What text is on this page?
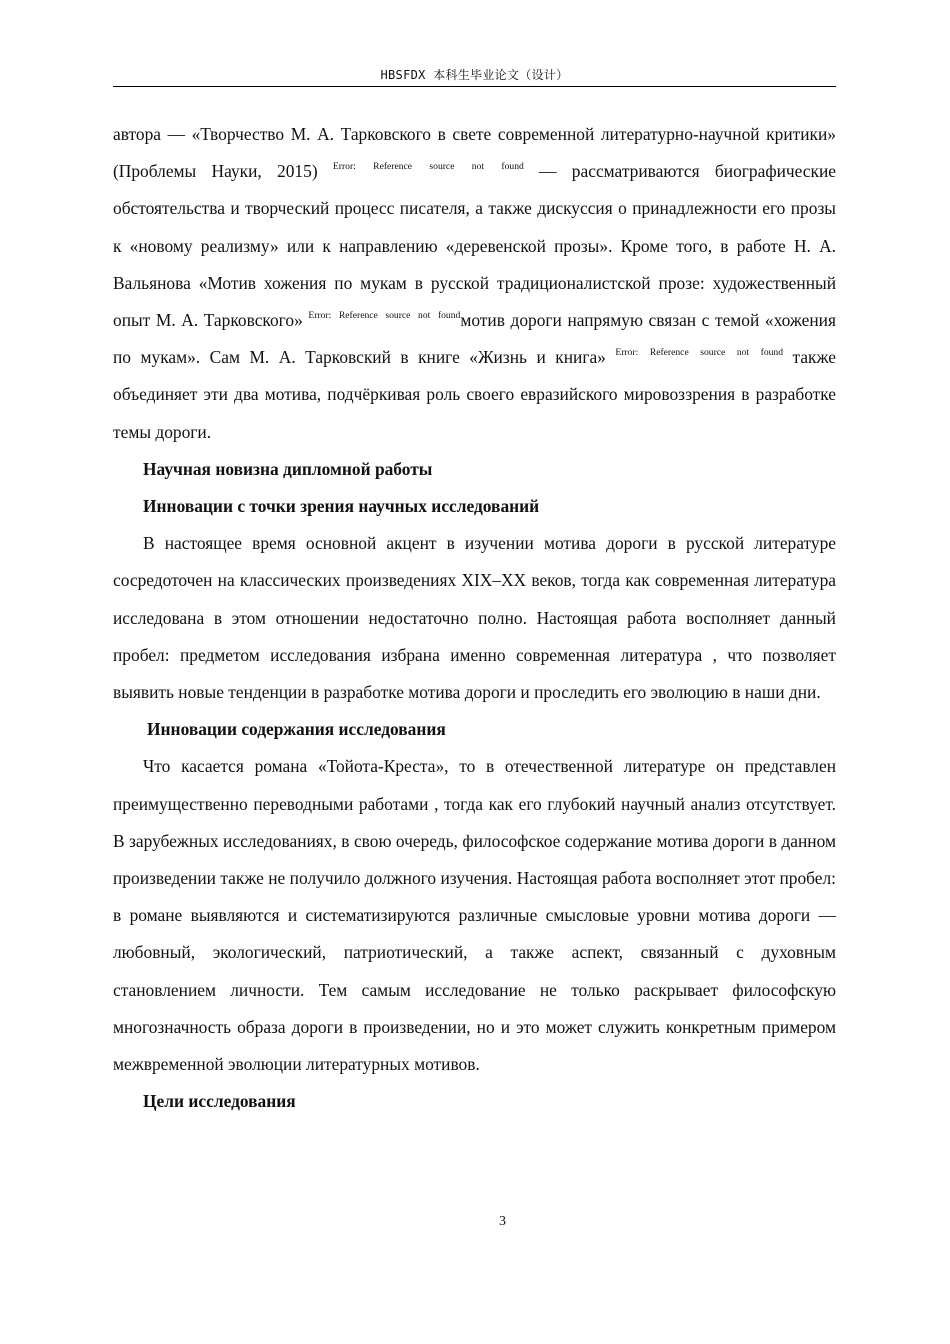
HBSFDX 本科生毕业论文（设计）

автора — «Творчество М. А. Тарковского в свете современной литературно-научной критики» (Проблемы Науки, 2015) $^{Error: Reference source not found}$ — рассматриваются биографические обстоятельства и творческий процесс писателя, а также дискуссия о принадлежности его прозы к «новому реализму» или к направлению «деревенской прозы». Кроме того, в работе Н. А. Вальянова «Мотив хожения по мукам в русской традиционалистской прозе: художественный опыт М. А. Тарковского» $^{Error: Reference source not found}$мотив дороги напрямую связан с темой «хожения по мукам». Сам М. А. Тарковский в книге «Жизнь и книга» $^{Error: Reference source not found}$ также объединяет эти два мотива, подчёркивая роль своего евразийского мировоззрения в разработке темы дороги.

Научная новизна дипломной работы

Инновации с точки зрения научных исследований

В настоящее время основной акцент в изучении мотива дороги в русской литературе сосредоточен на классических произведениях XIX–XX веков, тогда как современная литература исследована в этом отношении недостаточно полно. Настоящая работа восполняет данный пробел: предметом исследования избрана именно современная литература , что позволяет выявить новые тенденции в разработке мотива дороги и проследить его эволюцию в наши дни.

Инновации содержания исследования

Что касается романа «Тойота-Креста», то в отечественной литературе он представлен преимущественно переводными работами , тогда как его глубокий научный анализ отсутствует. В зарубежных исследованиях, в свою очередь, философское содержание мотива дороги в данном произведении также не получило должного изучения. Настоящая работа восполняет этот пробел: в романе выявляются и систематизируются различные смысловые уровни мотива дороги — любовный, экологический, патриотический, а также аспект, связанный с духовным становлением личности. Тем самым исследование не только раскрывает философскую многозначность образа дороги в произведении, но и это может служить конкретным примером межвременной эволюции литературных мотивов.

Цели исследования

3
